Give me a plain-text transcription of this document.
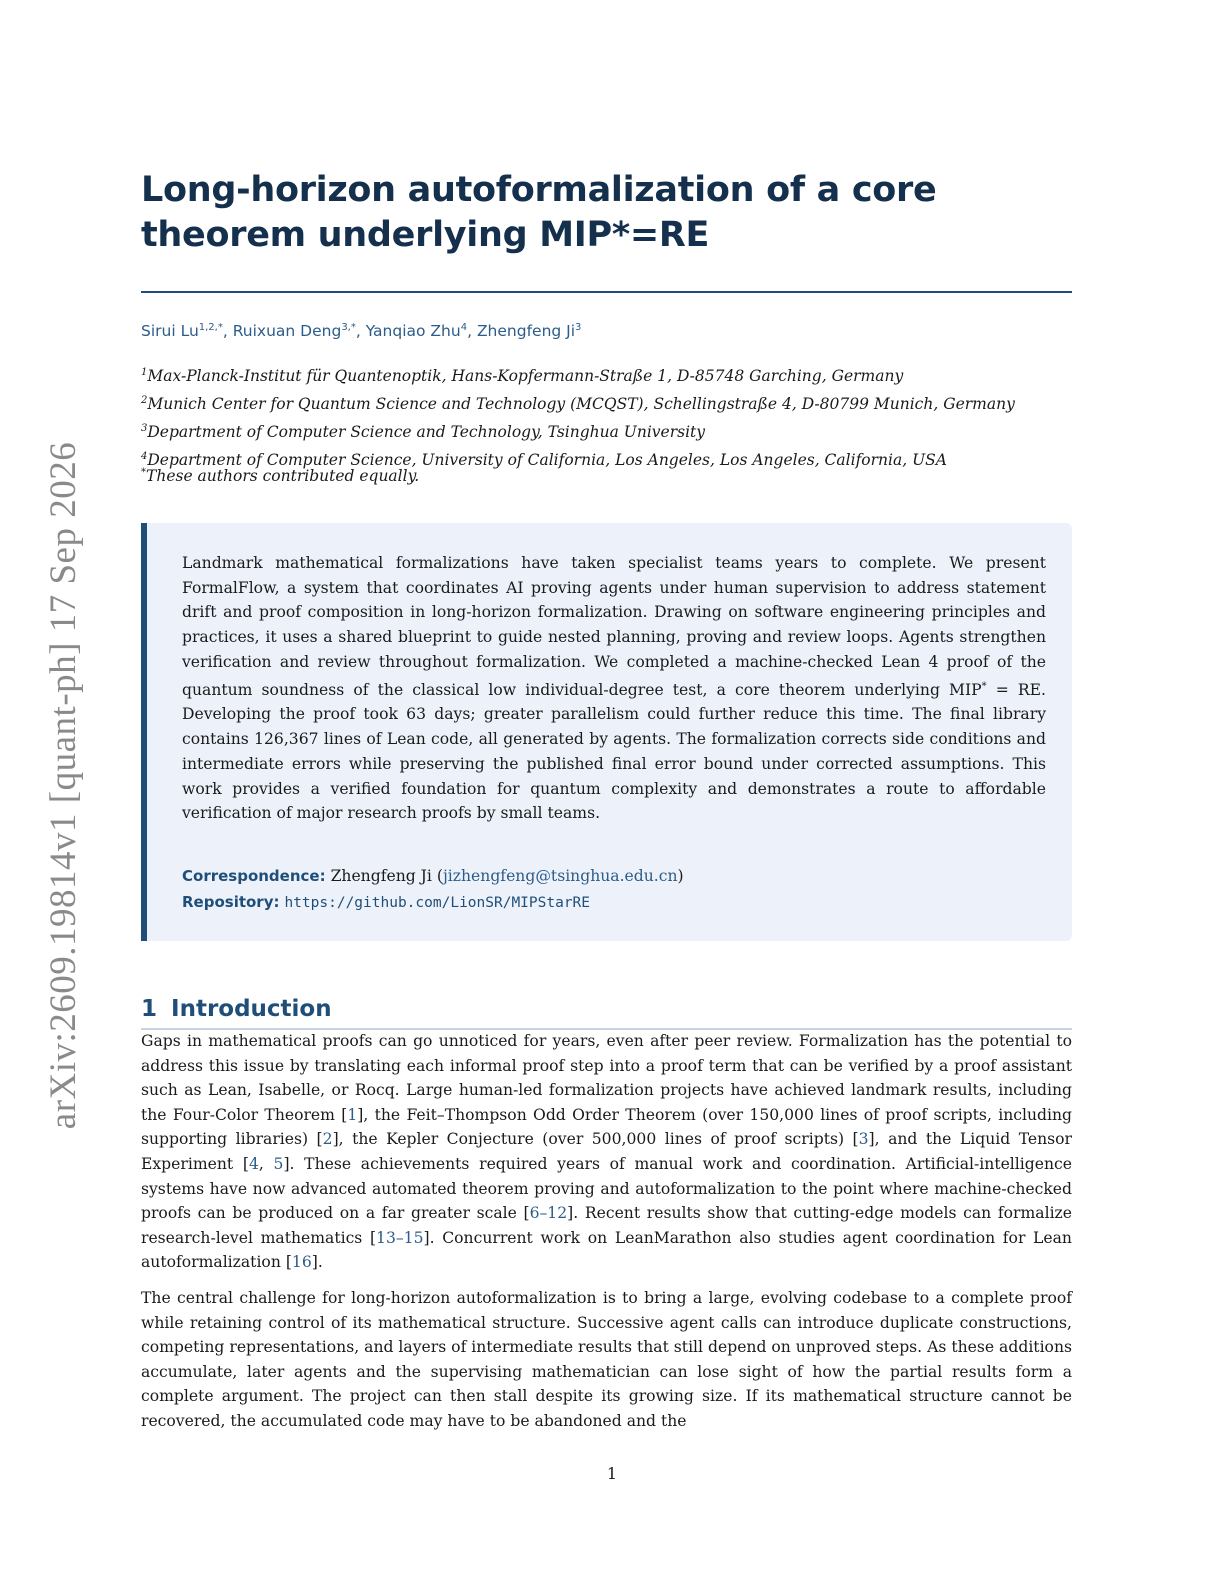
arXiv:2609.19814v1 [quant-ph] 17 Sep 2026
Long-horizon autoformalization of a core theorem underlying MIP*=RE
Sirui $Lu^{1,2,*}$, Ruixuan Deng$^{3,*}$, Yanqiao Zhu$^4$, Zhengfeng Ji$^3$
$^1$Max-Planck-Institut für Quantenoptik, Hans-Kopfermann-Straße 1, D-85748 Garching, Germany
$^2$Munich Center for Quantum Science and Technology (MCQST), Schellingstraße 4, D-80799 Munich, Germany
$^3$Department of Computer Science and Technology, Tsinghua University
$^4$Department of Computer Science, University of California, Los Angeles, Los Angeles, California, USA
*These authors contributed equally.

Landmark mathematical formalizations have taken specialist teams years to complete. We present FormalFlow, a system that coordinates AI proving agents under human supervision to address statement drift and proof composition in long-horizon formalization. Drawing on software engineering principles and practices, it uses a shared blueprint to guide nested planning, proving and review loops. Agents strengthen verification and review throughout formalization. We completed a machine-checked Lean 4 proof of the quantum soundness of the classical low individual-degree test, a core theorem underlying MIP* = RE. Developing the proof took 63 days; greater parallelism could further reduce this time. The final library contains 126,367 lines of Lean code, all generated by agents. The formalization corrects side conditions and intermediate errors while preserving the published final error bound under corrected assumptions. This work provides a verified foundation for quantum complexity and demonstrates a route to affordable verification of major research proofs by small teams.

Correspondence: Zhengfeng Ji (jizhengfeng@tsinghua.edu.cn)
Repository: https://github.com/LionSR/MIPStarRE
1 Introduction

Gaps in mathematical proofs can go unnoticed for years, even after peer review. Formalization has the potential to address this issue by translating each informal proof step into a proof term that can be verified by a proof assistant such as Lean, Isabelle, or Rocq. Large human-led formalization projects have achieved landmark results, including the Four-Color Theorem [1], the Feit–Thompson Odd Order Theorem (over 150,000 lines of proof scripts, including supporting libraries) [2], the Kepler Conjecture (over 500,000 lines of proof scripts) [3], and the Liquid Tensor Experiment [4, 5]. These achievements required years of manual work and coordination. Artificial-intelligence systems have now advanced automated theorem proving and autoformalization to the point where machine-checked proofs can be produced on a far greater scale [6–12]. Recent results show that cutting-edge models can formalize research-level mathematics [13–15]. Concurrent work on LeanMarathon also studies agent coordination for Lean autoformalization [16].

The central challenge for long-horizon autoformalization is to bring a large, evolving codebase to a complete proof while retaining control of its mathematical structure. Successive agent calls can introduce duplicate constructions, competing representations, and layers of intermediate results that still depend on unproved steps. As these additions accumulate, later agents and the supervising mathematician can lose sight of how the partial results form a complete argument. The project can then stall despite its growing size. If its mathematical structure cannot be recovered, the accumulated code may have to be abandoned and the

1
